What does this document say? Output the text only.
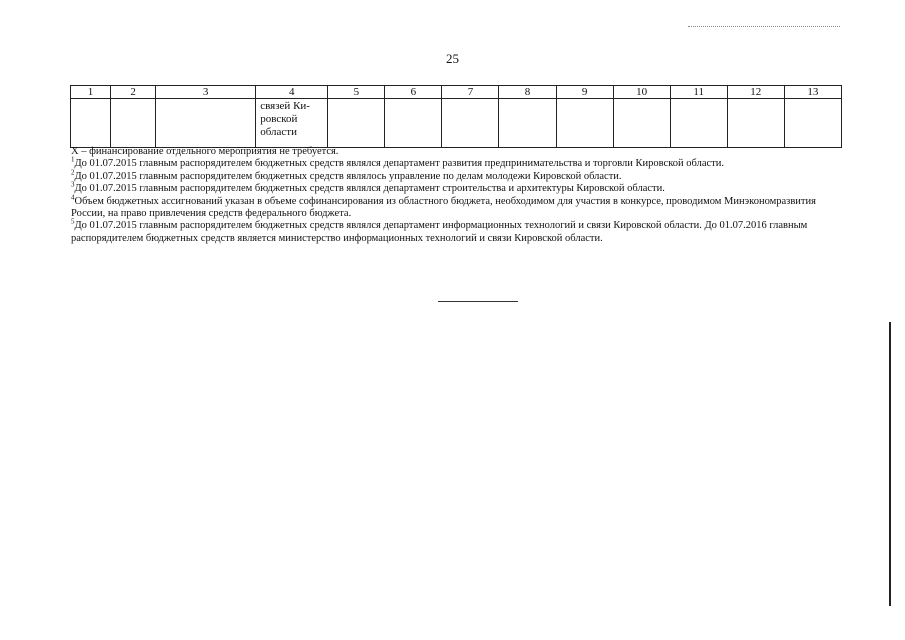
25
1	2	3	4	5	6	7	8	9	10	11	12	13

			связей Ки-
ровской
области									

Х – финансирование отдельного мероприятия не требуется.

$^1$До 01.07.2015 главным распорядителем бюджетных средств являлся департамент развития предпринимательства и торговли Кировской области.

$^2$До 01.07.2015 главным распорядителем бюджетных средств являлось управление по делам молодежи Кировской области.

$^3$До 01.07.2015 главным распорядителем бюджетных средств являлся департамент строительства и архитектуры Кировской области.

$^4$Объем бюджетных ассигнований указан в объеме софинансирования из областного бюджета, необходимом для участия в конкурсе, проводимом Минэкономразвития России, на право привлечения средств федерального бюджета.

$^5$До 01.07.2015 главным распорядителем бюджетных средств являлся департамент информационных технологий и связи Кировской области. До 01.07.2016 главным распорядителем бюджетных средств является министерство информационных технологий и связи Кировской области.
